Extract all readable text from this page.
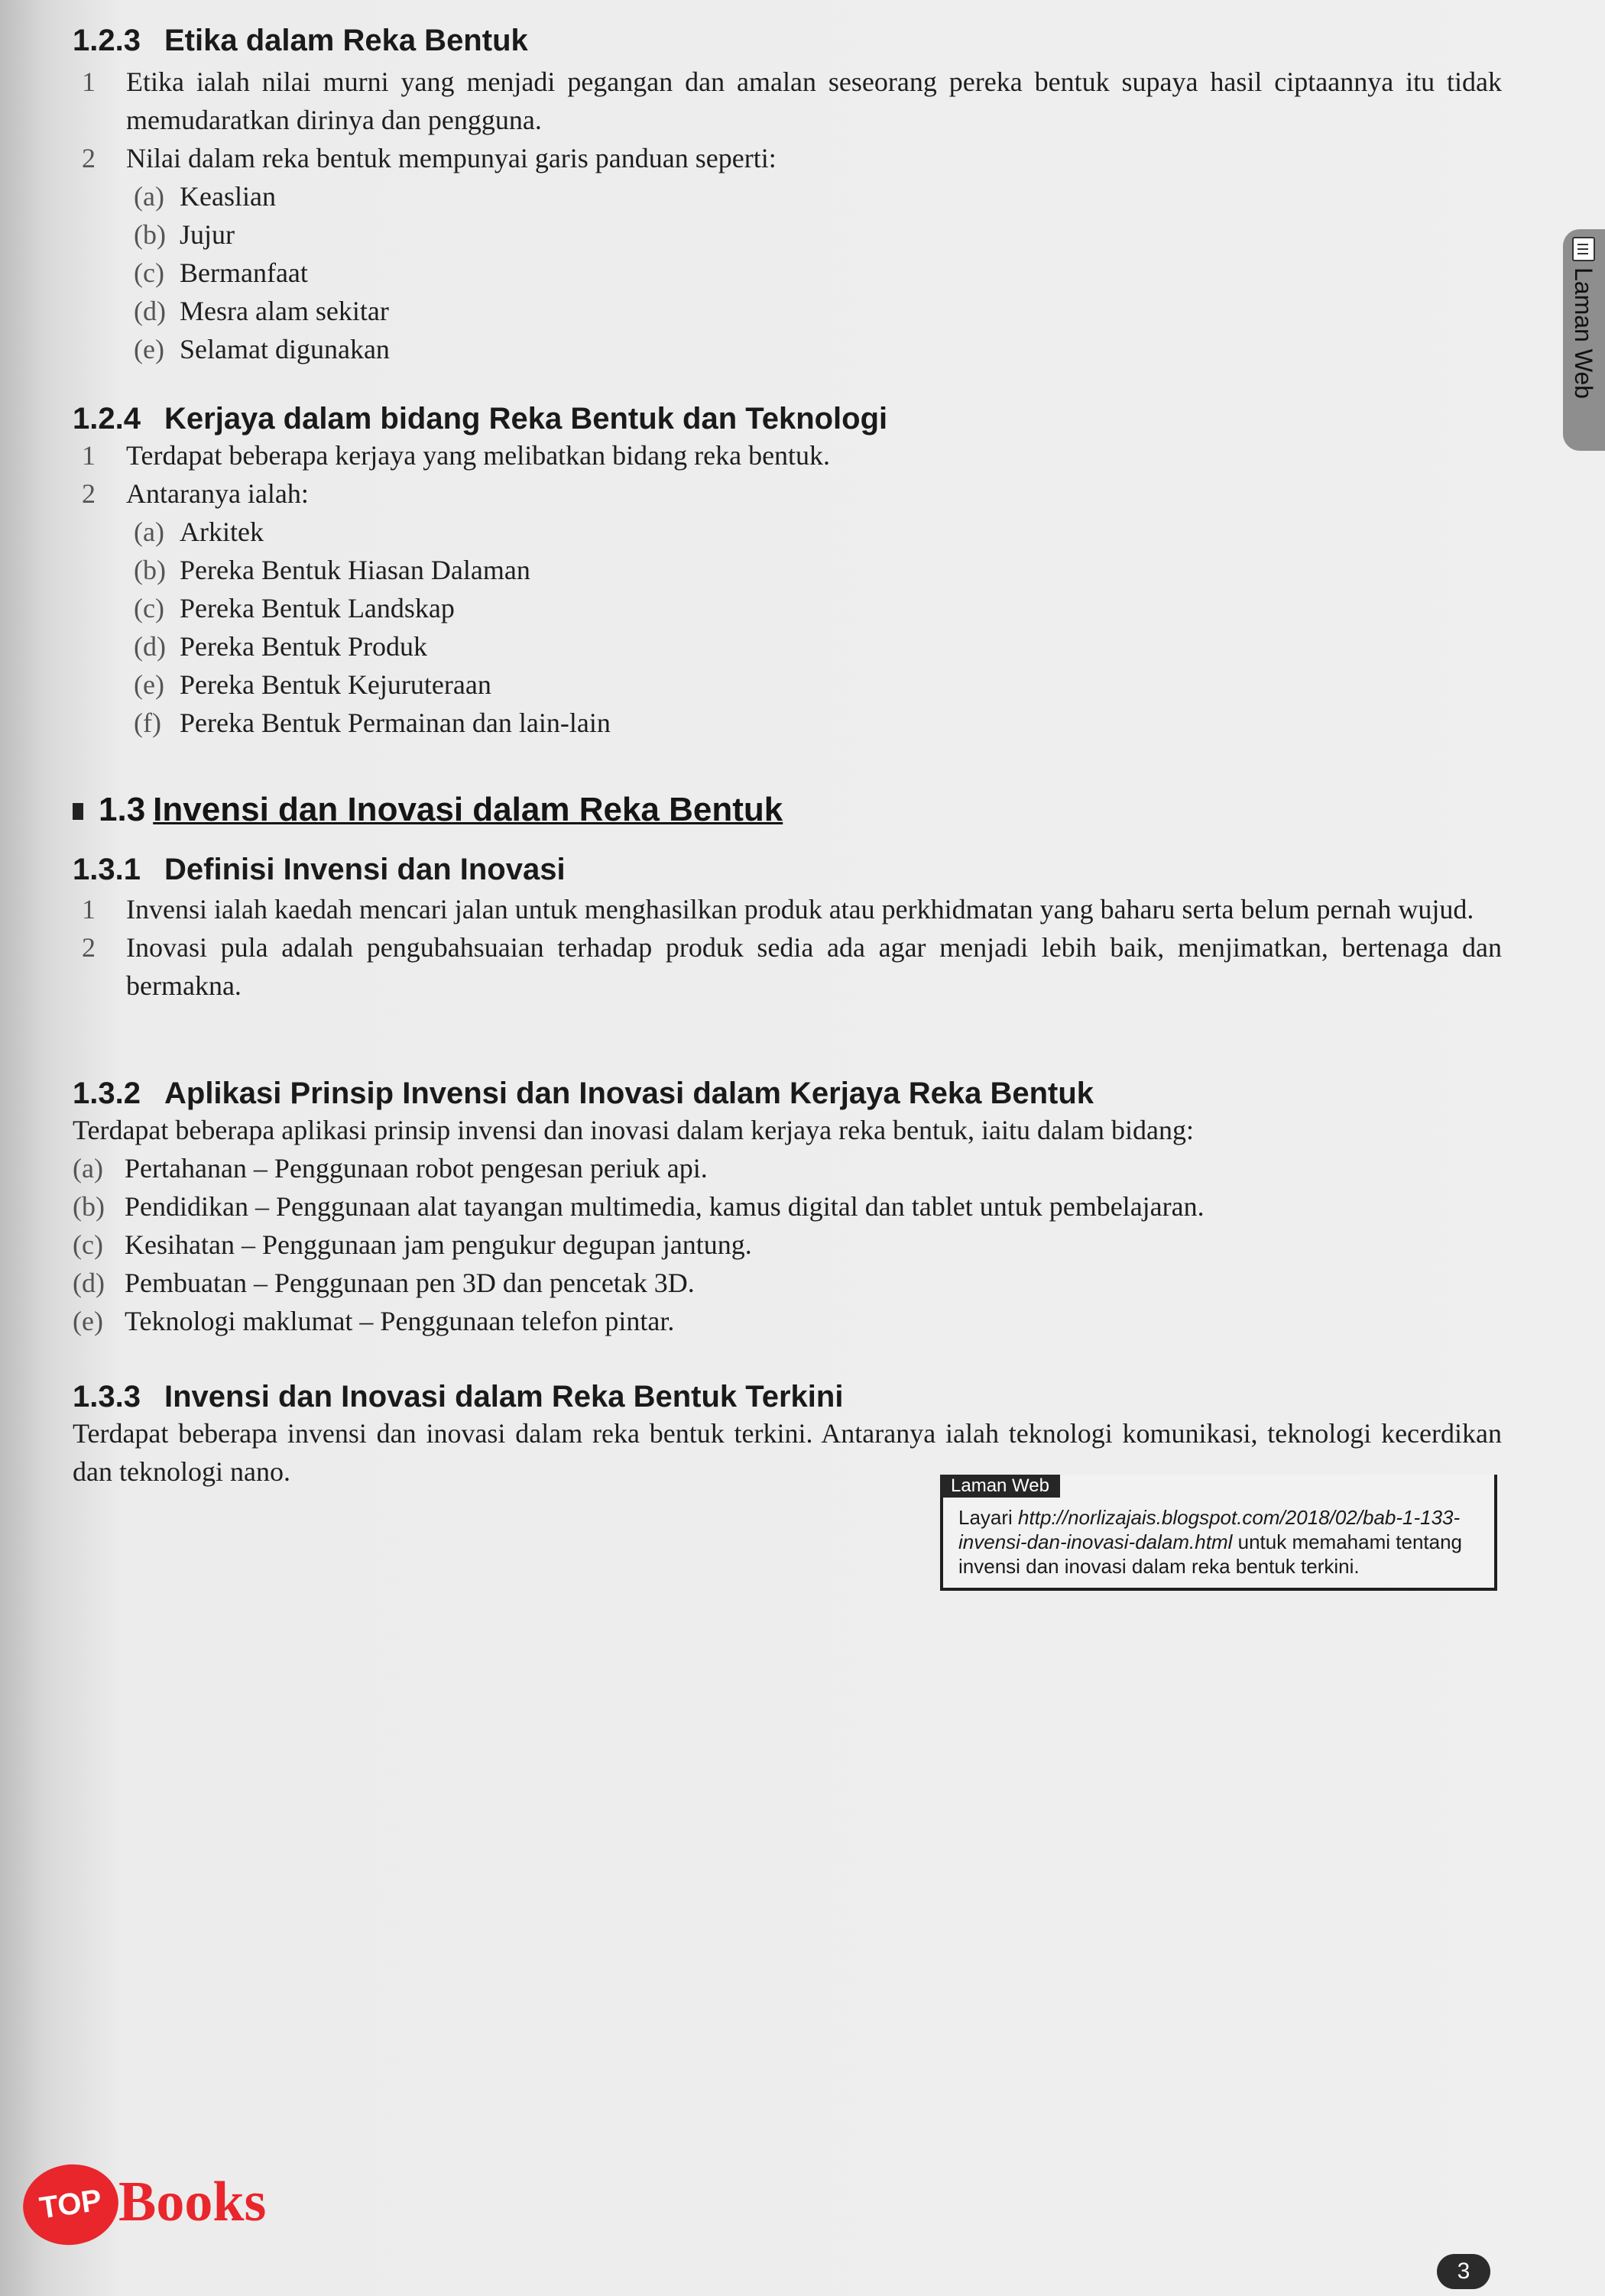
Laman Web
1.2.3 Etika dalam Reka Bentuk
1 Etika ialah nilai murni yang menjadi pegangan dan amalan seseorang pereka bentuk supaya hasil ciptaannya itu tidak memudaratkan dirinya dan pengguna.
2 Nilai dalam reka bentuk mempunyai garis panduan seperti:
(a) Keaslian
(b) Jujur
(c) Bermanfaat
(d) Mesra alam sekitar
(e) Selamat digunakan
1.2.4 Kerjaya dalam bidang Reka Bentuk dan Teknologi
1 Terdapat beberapa kerjaya yang melibatkan bidang reka bentuk.
2 Antaranya ialah:
(a) Arkitek
(b) Pereka Bentuk Hiasan Dalaman
(c) Pereka Bentuk Landskap
(d) Pereka Bentuk Produk
(e) Pereka Bentuk Kejuruteraan
(f) Pereka Bentuk Permainan dan lain-lain
1.3 Invensi dan Inovasi dalam Reka Bentuk
1.3.1 Definisi Invensi dan Inovasi
1 Invensi ialah kaedah mencari jalan untuk menghasilkan produk atau perkhidmatan yang baharu serta belum pernah wujud.
2 Inovasi pula adalah pengubahsuaian terhadap produk sedia ada agar menjadi lebih baik, menjimatkan, bertenaga dan bermakna.
1.3.2 Aplikasi Prinsip Invensi dan Inovasi dalam Kerjaya Reka Bentuk
Terdapat beberapa aplikasi prinsip invensi dan inovasi dalam kerjaya reka bentuk, iaitu dalam bidang:
(a) Pertahanan – Penggunaan robot pengesan periuk api.
(b) Pendidikan – Penggunaan alat tayangan multimedia, kamus digital dan tablet untuk pembelajaran.
(c) Kesihatan – Penggunaan jam pengukur degupan jantung.
(d) Pembuatan – Penggunaan pen 3D dan pencetak 3D.
(e) Teknologi maklumat – Penggunaan telefon pintar.
1.3.3 Invensi dan Inovasi dalam Reka Bentuk Terkini
Terdapat beberapa invensi dan inovasi dalam reka bentuk terkini. Antaranya ialah teknologi komunikasi, teknologi kecerdikan dan teknologi nano.	Laman Web
Layari http://norlizajais.blogspot.com/2018/02/bab-1-133-invensi-dan-inovasi-dalam.html untuk memahami tentang invensi dan inovasi dalam reka bentuk terkini.
TOP Books
3
